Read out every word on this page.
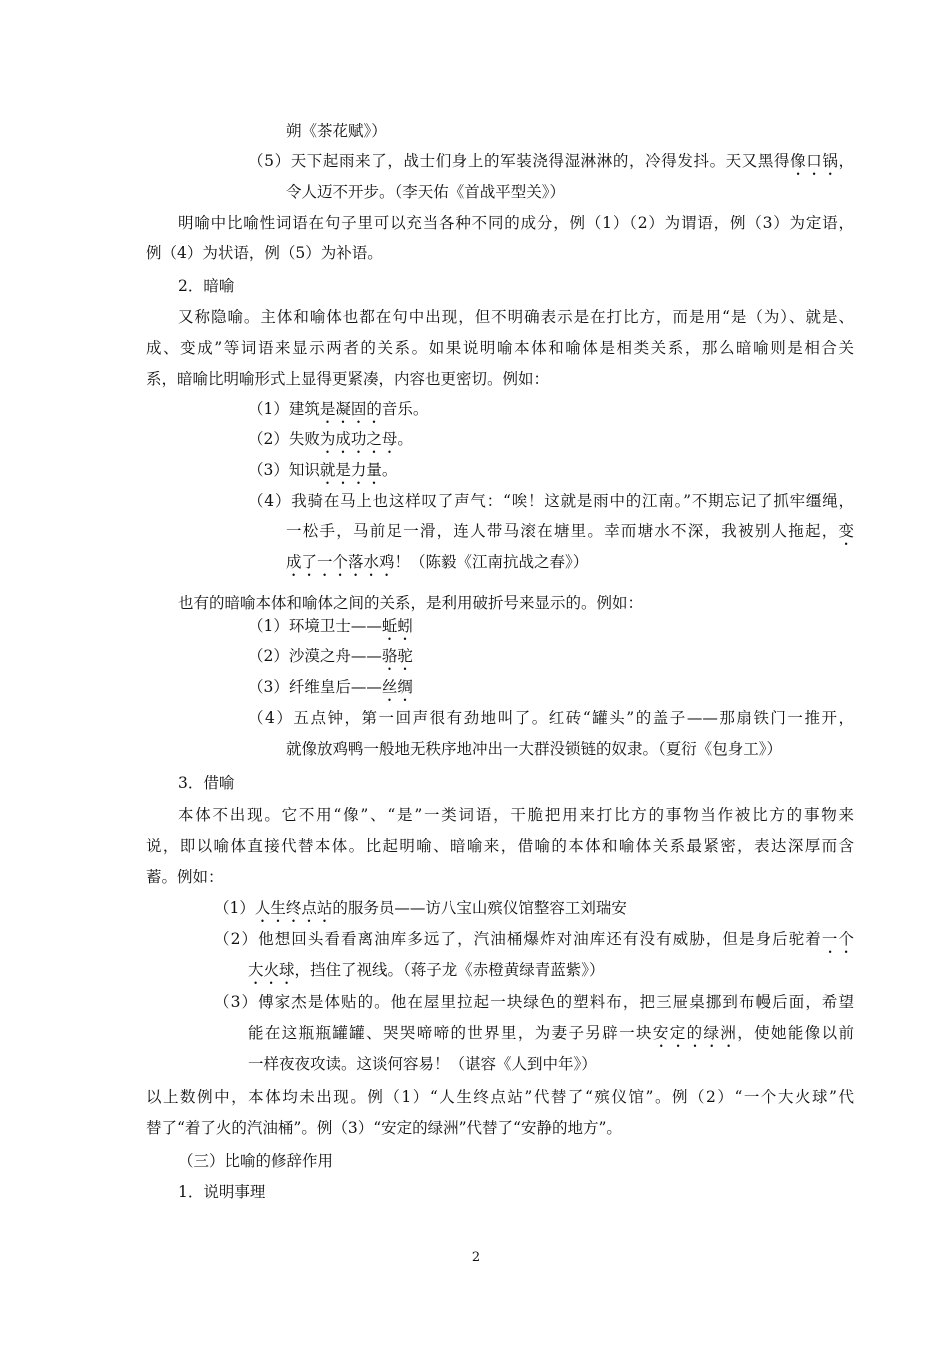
朔《茶花赋》）
（5）天下起雨来了，战士们身上的军装浇得湿淋淋的，冷得发抖。天又黑得像口锅，
令人迈不开步。（李天佑《首战平型关》）
明喻中比喻性词语在句子里可以充当各种不同的成分，例（1）（2）为谓语，例（3）为定语，
例（4）为状语，例（5）为补语。
2．暗喻
又称隐喻。主体和喻体也都在句中出现，但不明确表示是在打比方，而是用“是（为）、就是、
成、变成”等词语来显示两者的关系。如果说明喻本体和喻体是相类关系，那么暗喻则是相合关
系，暗喻比明喻形式上显得更紧凑，内容也更密切。例如：
（1）建筑是凝固的音乐。
（2）失败为成功之母。
（3）知识就是力量。
（4）我骑在马上也这样叹了声气：“唉！这就是雨中的江南。”不期忘记了抓牢缰绳，
一松手，马前足一滑，连人带马滚在塘里。幸而塘水不深，我被别人拖起，变
成了一个落水鸡！（陈毅《江南抗战之春》）
也有的暗喻本体和喻体之间的关系，是利用破折号来显示的。例如：
（1）环境卫士——蚯蚓
（2）沙漠之舟——骆驼
（3）纤维皇后——丝绸
（4）五点钟，第一回声很有劲地叫了。红砖“罐头”的盖子——那扇铁门一推开，
就像放鸡鸭一般地无秩序地冲出一大群没锁链的奴隶。（夏衍《包身工》）
3．借喻
本体不出现。它不用“像”、“是”一类词语，干脆把用来打比方的事物当作被比方的事物来
说，即以喻体直接代替本体。比起明喻、暗喻来，借喻的本体和喻体关系最紧密，表达深厚而含
蓄。例如：
（1）人生终点站的服务员——访八宝山殡仪馆整容工刘瑞安
（2）他想回头看看离油库多远了，汽油桶爆炸对油库还有没有威胁，但是身后驼着一个
大火球，挡住了视线。（蒋子龙《赤橙黄绿青蓝紫》）
（3）傅家杰是体贴的。他在屋里拉起一块绿色的塑料布，把三屉桌挪到布幔后面，希望
能在这瓶瓶罐罐、哭哭啼啼的世界里，为妻子另辟一块安定的绿洲，使她能像以前
一样夜夜攻读。这谈何容易！（谌容《人到中年》）
以上数例中，本体均未出现。例（1）“人生终点站”代替了“殡仪馆”。例（2）“一个大火球”代
替了“着了火的汽油桶”。例（3）“安定的绿洲”代替了“安静的地方”。
（三）比喻的修辞作用
1．说明事理
2
